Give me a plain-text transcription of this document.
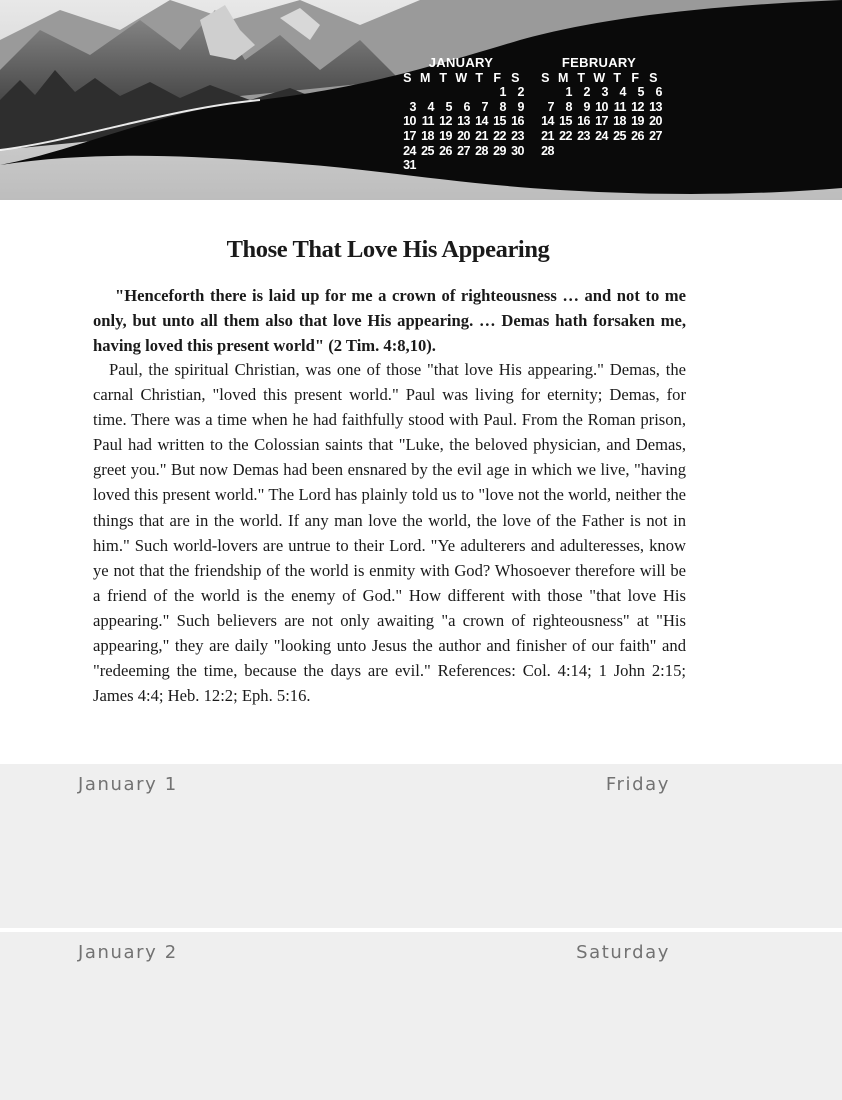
JANUARY
S M T W T F S
1 2
3 4 5 6 7 8 9
10 11 12 13 14 15 16
17 18 19 20 21 22 23
24 25 26 27 28 29 30
31
FEBRUARY
S M T W T F S
1 2 3 4 5 6
7 8 9 10 11 12 13
14 15 16 17 18 19 20
21 22 23 24 25 26 27
28
Those That Love His Appearing

"Henceforth there is laid up for me a crown of righteousness … and not to me only, but unto all them also that love His appearing. … Demas hath forsaken me, having loved this present world" (2 Tim. 4:8,10).

Paul, the spiritual Christian, was one of those "that love His appearing." Demas, the carnal Christian, "loved this present world." Paul was living for eternity; Demas, for time. There was a time when he had faithfully stood with Paul. From the Roman prison, Paul had written to the Colossian saints that "Luke, the beloved physician, and Demas, greet you." But now Demas had been ensnared by the evil age in which we live, "having loved this present world." The Lord has plainly told us to "love not the world, neither the things that are in the world. If any man love the world, the love of the Father is not in him." Such world-lovers are untrue to their Lord. "Ye adulterers and adulteresses, know ye not that the friendship of the world is enmity with God? Whosoever therefore will be a friend of the world is the enemy of God." How different with those "that love His appearing." Such believers are not only awaiting "a crown of righteousness" at "His appearing," they are daily "looking unto Jesus the author and finisher of our faith" and "redeeming the time, because the days are evil." References: Col. 4:14; 1 John 2:15; James 4:4; Heb. 12:2; Eph. 5:16.

January 1	Friday
January 2	Saturday
